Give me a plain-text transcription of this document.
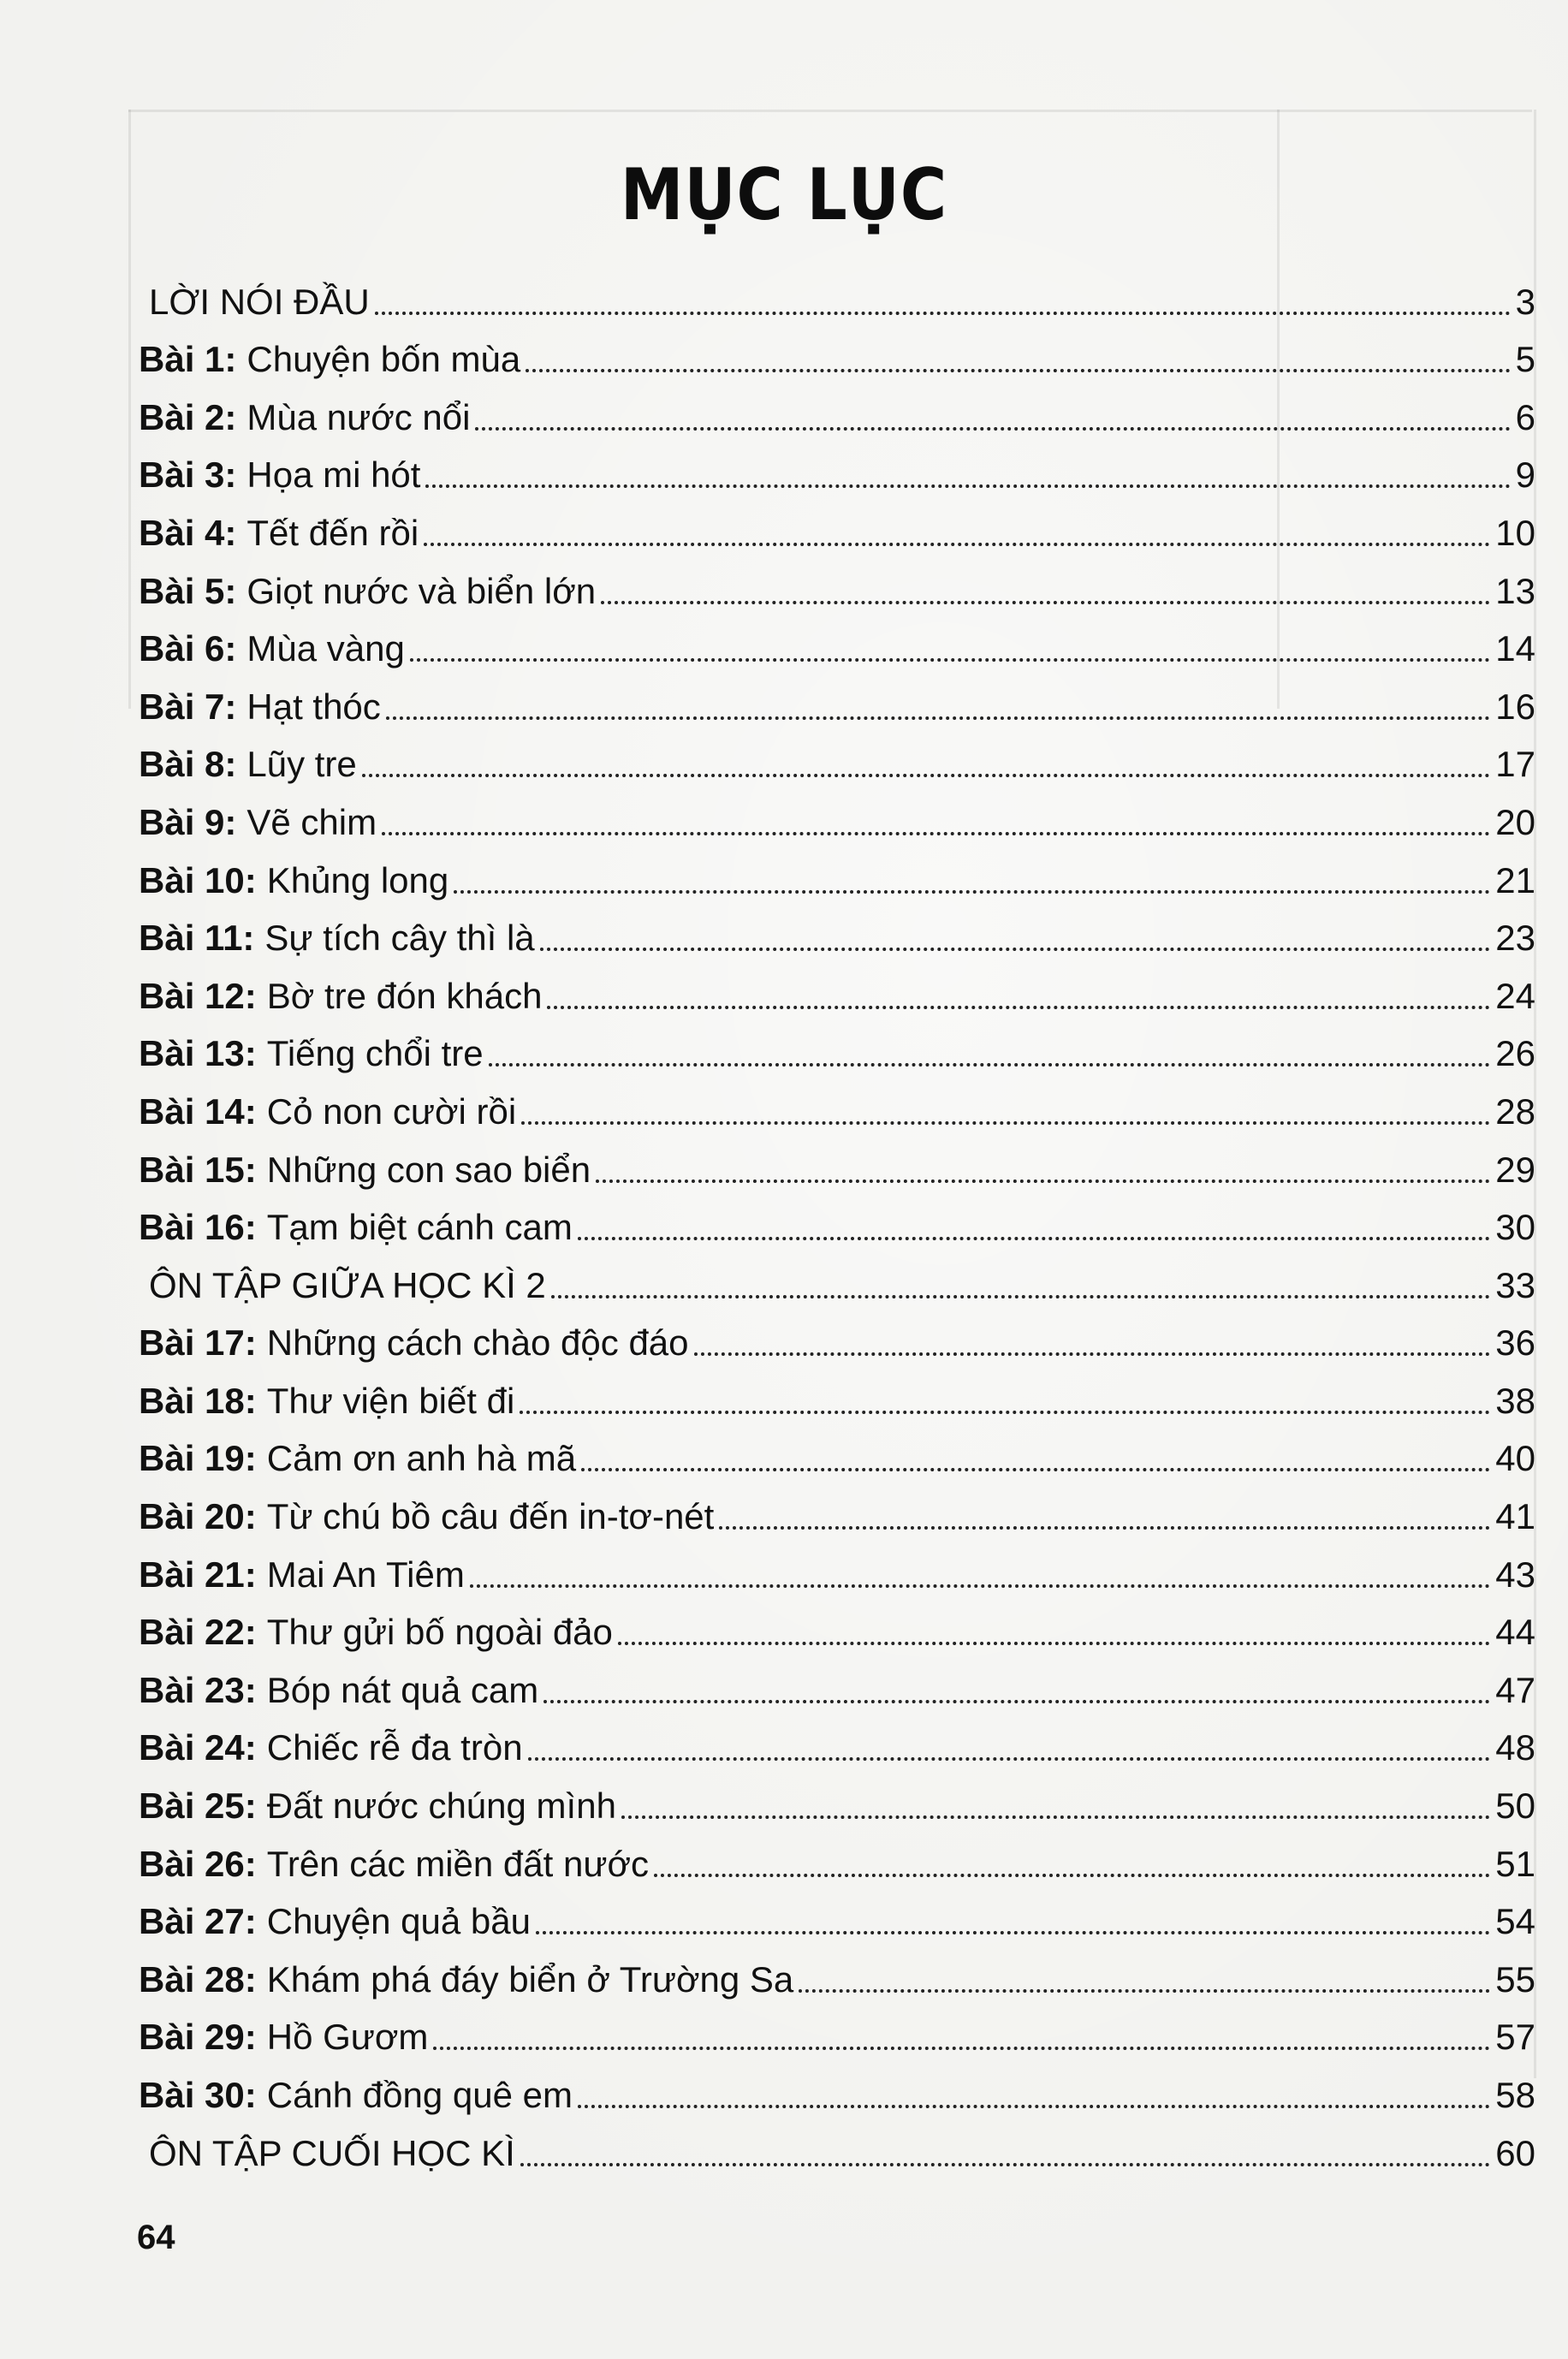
MỤC LỤC
LỜI NÓI ĐẦU	3
Bài 1: Chuyện bốn mùa	5
Bài 2: Mùa nước nổi	6
Bài 3: Họa mi hót	9
Bài 4: Tết đến rồi	10
Bài 5: Giọt nước và biển lớn	13
Bài 6: Mùa vàng	14
Bài 7: Hạt thóc	16
Bài 8: Lũy tre	17
Bài 9: Vẽ chim	20
Bài 10: Khủng long	21
Bài 11: Sự tích cây thì là	23
Bài 12: Bờ tre đón khách	24
Bài 13: Tiếng chổi tre	26
Bài 14: Cỏ non cười rồi	28
Bài 15: Những con sao biển	29
Bài 16: Tạm biệt cánh cam	30
ÔN TẬP GIỮA HỌC KÌ 2	33
Bài 17: Những cách chào độc đáo	36
Bài 18: Thư viện biết đi	38
Bài 19: Cảm ơn anh hà mã	40
Bài 20: Từ chú bồ câu đến in-tơ-nét	41
Bài 21: Mai An Tiêm	43
Bài 22: Thư gửi bố ngoài đảo	44
Bài 23: Bóp nát quả cam	47
Bài 24: Chiếc rễ đa tròn	48
Bài 25: Đất nước chúng mình	50
Bài 26: Trên các miền đất nước	51
Bài 27: Chuyện quả bầu	54
Bài 28: Khám phá đáy biển ở Trường Sa	55
Bài 29: Hồ Gươm	57
Bài 30: Cánh đồng quê em	58
ÔN TẬP CUỐI HỌC KÌ	60
64
